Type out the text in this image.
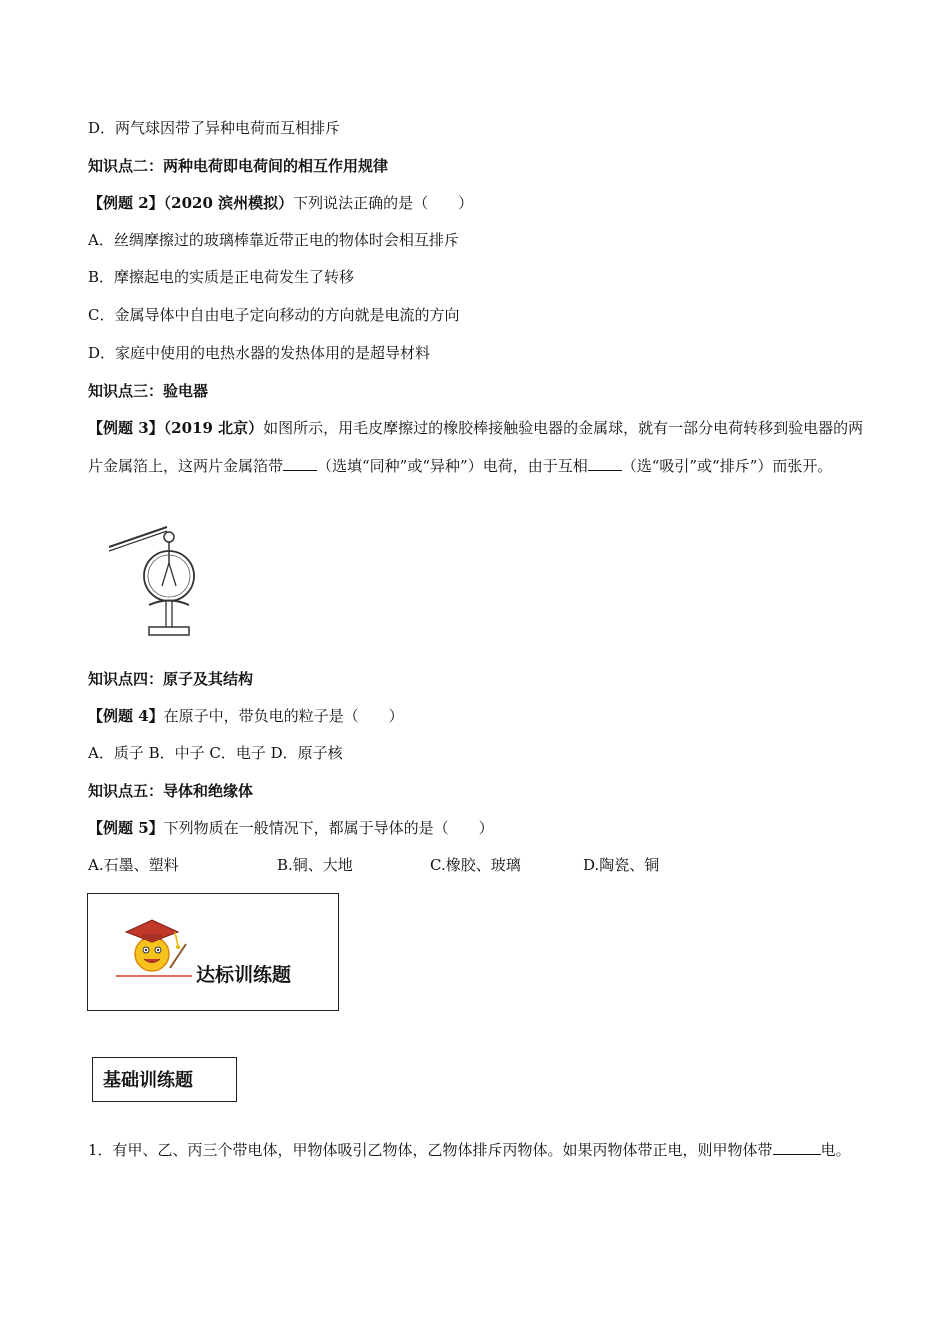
D．两气球因带了异种电荷而互相排斥
知识点二：两种电荷即电荷间的相互作用规律
【例题 2】（2020 滨州模拟）下列说法正确的是（　　）
A．丝绸摩擦过的玻璃棒靠近带正电的物体时会相互排斥
B．摩擦起电的实质是正电荷发生了转移
C．金属导体中自由电子定向移动的方向就是电流的方向
D．家庭中使用的电热水器的发热体用的是超导材料
知识点三：验电器
【例题 3】（2019 北京）如图所示，用毛皮摩擦过的橡胶棒接触验电器的金属球，就有一部分电荷转移到验电器的两片金属箔上，这两片金属箔带 （选填“同种”或“异种”）电荷，由于互相 （选“吸引”或“排斥”）而张开。
知识点四：原子及其结构
【例题 4】在原子中，带负电的粒子是（　　）
A．质子 B．中子 C．电子 D．原子核
知识点五：导体和绝缘体
【例题 5】下列物质在一般情况下，都属于导体的是（　　）
A.石墨、塑料	B.铜、大地	C.橡胶、玻璃	D.陶瓷、铜
达标训练题
基础训练题
1．有甲、乙、丙三个带电体，甲物体吸引乙物体，乙物体排斥丙物体。如果丙物体带正电，则甲物体带	电。
